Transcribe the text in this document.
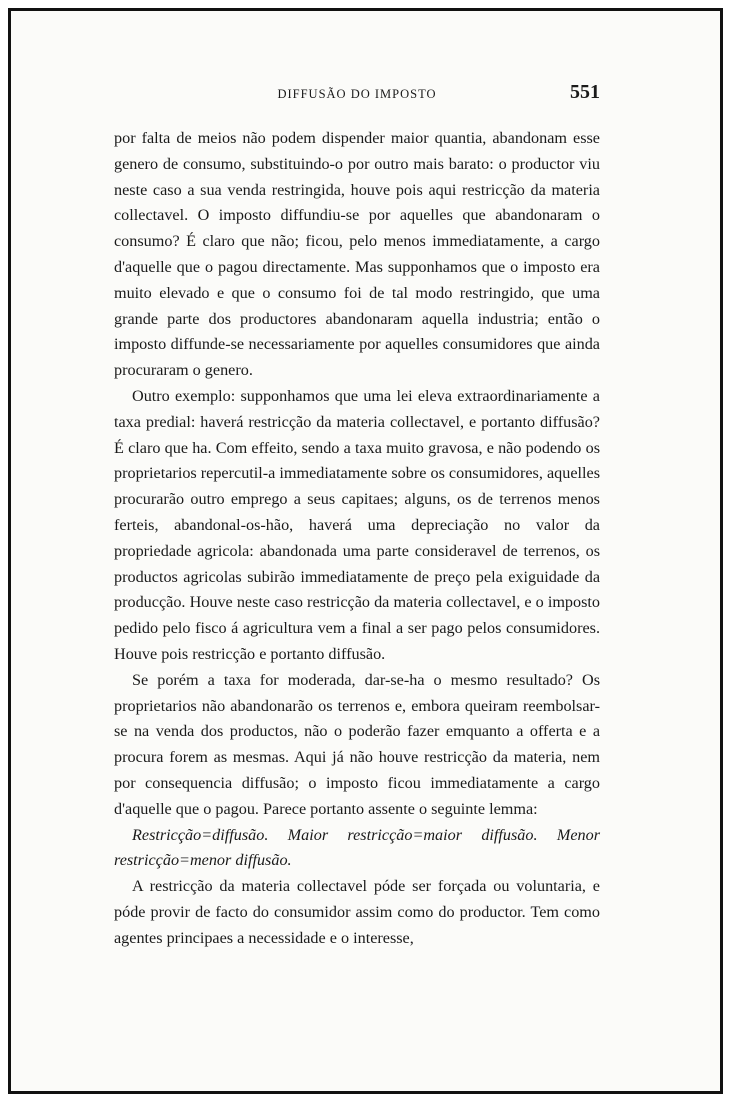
DIFFUSÃO DO IMPOSTO	551

por falta de meios não podem dispender maior quantia, abandonam esse genero de consumo, substituindo-o por outro mais barato: o productor viu neste caso a sua venda restringida, houve pois aqui restricção da materia collectavel. O imposto diffundiu-se por aquelles que abandonaram o consumo? É claro que não; ficou, pelo menos immediatamente, a cargo d'aquelle que o pagou directamente. Mas supponhamos que o imposto era muito elevado e que o consumo foi de tal modo restringido, que uma grande parte dos productores abandonaram aquella industria; então o imposto diffunde-se necessariamente por aquelles consumidores que ainda procuraram o genero.

Outro exemplo: supponhamos que uma lei eleva extraordinariamente a taxa predial: haverá restricção da materia collectavel, e portanto diffusão? É claro que ha. Com effeito, sendo a taxa muito gravosa, e não podendo os proprietarios repercutil-a immediatamente sobre os consumidores, aquelles procurarão outro emprego a seus capitaes; alguns, os de terrenos menos ferteis, abandonal-os-hão, haverá uma depreciação no valor da propriedade agricola: abandonada uma parte consideravel de terrenos, os productos agricolas subirão immediatamente de preço pela exiguidade da producção. Houve neste caso restricção da materia collectavel, e o imposto pedido pelo fisco á agricultura vem a final a ser pago pelos consumidores. Houve pois restricção e portanto diffusão.

Se porém a taxa for moderada, dar-se-ha o mesmo resultado? Os proprietarios não abandonarão os terrenos e, embora queiram reembolsar-se na venda dos productos, não o poderão fazer emquanto a offerta e a procura forem as mesmas. Aqui já não houve restricção da materia, nem por consequencia diffusão; o imposto ficou immediatamente a cargo d'aquelle que o pagou. Parece portanto assente o seguinte lemma:

Restricção=diffusão. Maior restricção=maior diffusão. Menor restricção=menor diffusão.

A restricção da materia collectavel póde ser forçada ou voluntaria, e póde provir de facto do consumidor assim como do productor. Tem como agentes principaes a necessidade e o interesse,
